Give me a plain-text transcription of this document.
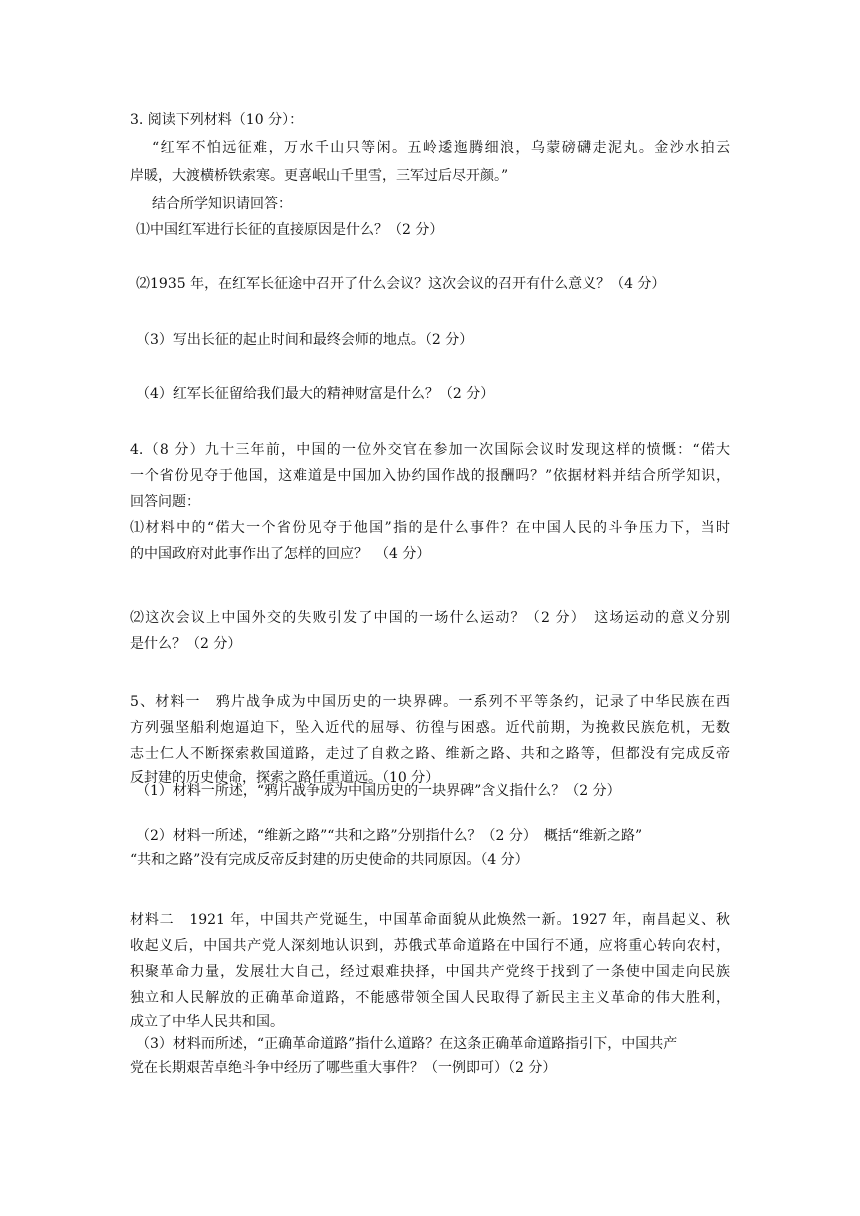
3. 阅读下列材料（10 分）：
“红军不怕远征难，万水千山只等闲。五岭逶迤腾细浪，乌蒙磅礴走泥丸。金沙水拍云
岸暖，大渡横桥铁索寒。更喜岷山千里雪，三军过后尽开颜。”
结合所学知识请回答：
⑴中国红军进行长征的直接原因是什么？（2 分）
⑵1935 年，在红军长征途中召开了什么会议？这次会议的召开有什么意义？（4 分）
（3）写出长征的起止时间和最终会师的地点。（2 分）
（4）红军长征留给我们最大的精神财富是什么？（2 分）
4.（8 分）九十三年前，中国的一位外交官在参加一次国际会议时发现这样的愤慨：“偌大
一个省份见夺于他国，这难道是中国加入协约国作战的报酬吗？”依据材料并结合所学知识，
回答问题：
⑴材料中的“偌大一个省份见夺于他国”指的是什么事件？在中国人民的斗争压力下，当时
的中国政府对此事作出了怎样的回应？　（4 分）
⑵这次会议上中国外交的失败引发了中国的一场什么运动？（2 分）　这场运动的意义分别
是什么？（2 分）
5、材料一　鸦片战争成为中国历史的一块界碑。一系列不平等条约，记录了中华民族在西
方列强坚船利炮逼迫下，坠入近代的屈辱、彷徨与困惑。近代前期，为挽救民族危机，无数
志士仁人不断探索救国道路，走过了自救之路、维新之路、共和之路等，但都没有完成反帝
反封建的历史使命，探索之路任重道远。（10 分）
（1）材料一所述，“鸦片战争成为中国历史的一块界碑”含义指什么？（2 分）
（2）材料一所述，“维新之路”“共和之路”分别指什么？（2 分）　概括“维新之路”
“共和之路”没有完成反帝反封建的历史使命的共同原因。（4 分）
材料二　1921 年，中国共产党诞生，中国革命面貌从此焕然一新。1927 年，南昌起义、秋
收起义后，中国共产党人深刻地认识到，苏俄式革命道路在中国行不通，应将重心转向农村，
积聚革命力量，发展壮大自己，经过艰难抉择，中国共产党终于找到了一条使中国走向民族
独立和人民解放的正确革命道路，不能感带领全国人民取得了新民主主义革命的伟大胜利，
成立了中华人民共和国。
（3）材料而所述，“正确革命道路”指什么道路？在这条正确革命道路指引下，中国共产
党在长期艰苦卓绝斗争中经历了哪些重大事件？（一例即可）（2 分）
